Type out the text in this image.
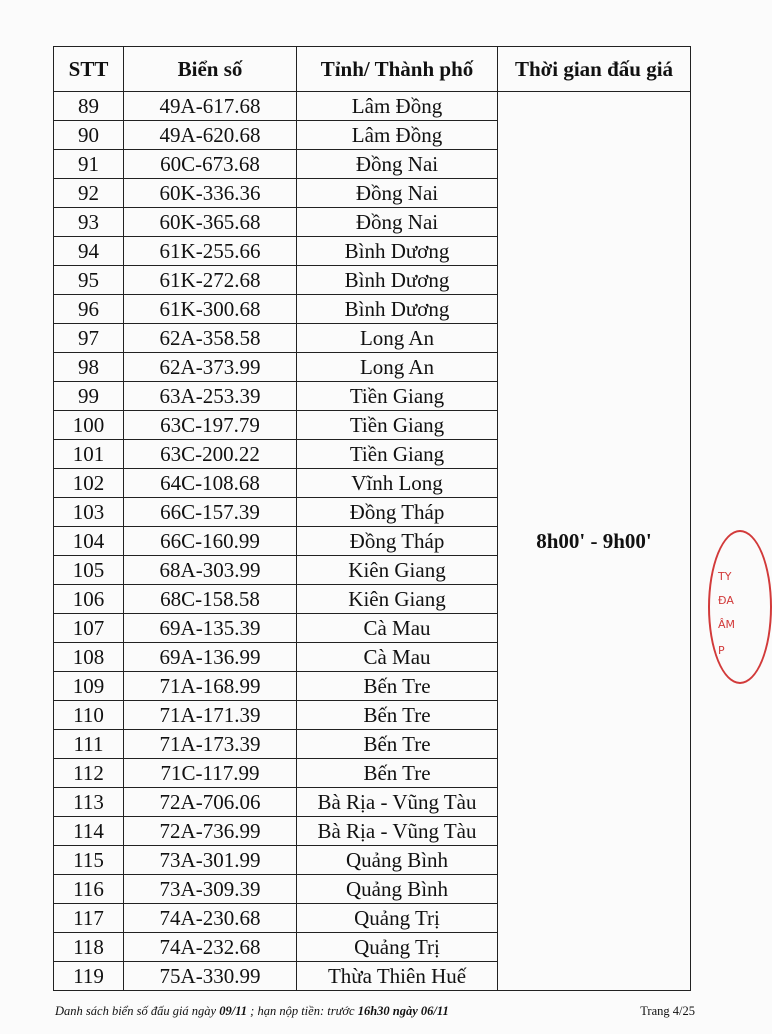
STT	Biển số	Tỉnh/ Thành phố	Thời gian đấu giá
89	49A-617.68	Lâm Đồng	8h00' - 9h00'
90	49A-620.68	Lâm Đồng	
91	60C-673.68	Đồng Nai	
92	60K-336.36	Đồng Nai	
93	60K-365.68	Đồng Nai	
94	61K-255.66	Bình Dương	
95	61K-272.68	Bình Dương	
96	61K-300.68	Bình Dương	
97	62A-358.58	Long An	
98	62A-373.99	Long An	
99	63A-253.39	Tiền Giang	
100	63C-197.79	Tiền Giang	
101	63C-200.22	Tiền Giang	
102	64C-108.68	Vĩnh Long	
103	66C-157.39	Đồng Tháp	
104	66C-160.99	Đồng Tháp	
105	68A-303.99	Kiên Giang	
106	68C-158.58	Kiên Giang	
107	69A-135.39	Cà Mau	
108	69A-136.99	Cà Mau	
109	71A-168.99	Bến Tre	
110	71A-171.39	Bến Tre	
111	71A-173.39	Bến Tre	
112	71C-117.99	Bến Tre	
113	72A-706.06	Bà Rịa - Vũng Tàu	
114	72A-736.99	Bà Rịa - Vũng Tàu	
115	73A-301.99	Quảng Bình	
116	73A-309.39	Quảng Bình	
117	74A-230.68	Quảng Trị	
118	74A-232.68	Quảng Trị	
119	75A-330.99	Thừa Thiên Huế	
Danh sách biển số đấu giá ngày 09/11 ; hạn nộp tiền: trước 16h30 ngày 06/11	Trang 4/25
TY
ĐA
ÂM
P
